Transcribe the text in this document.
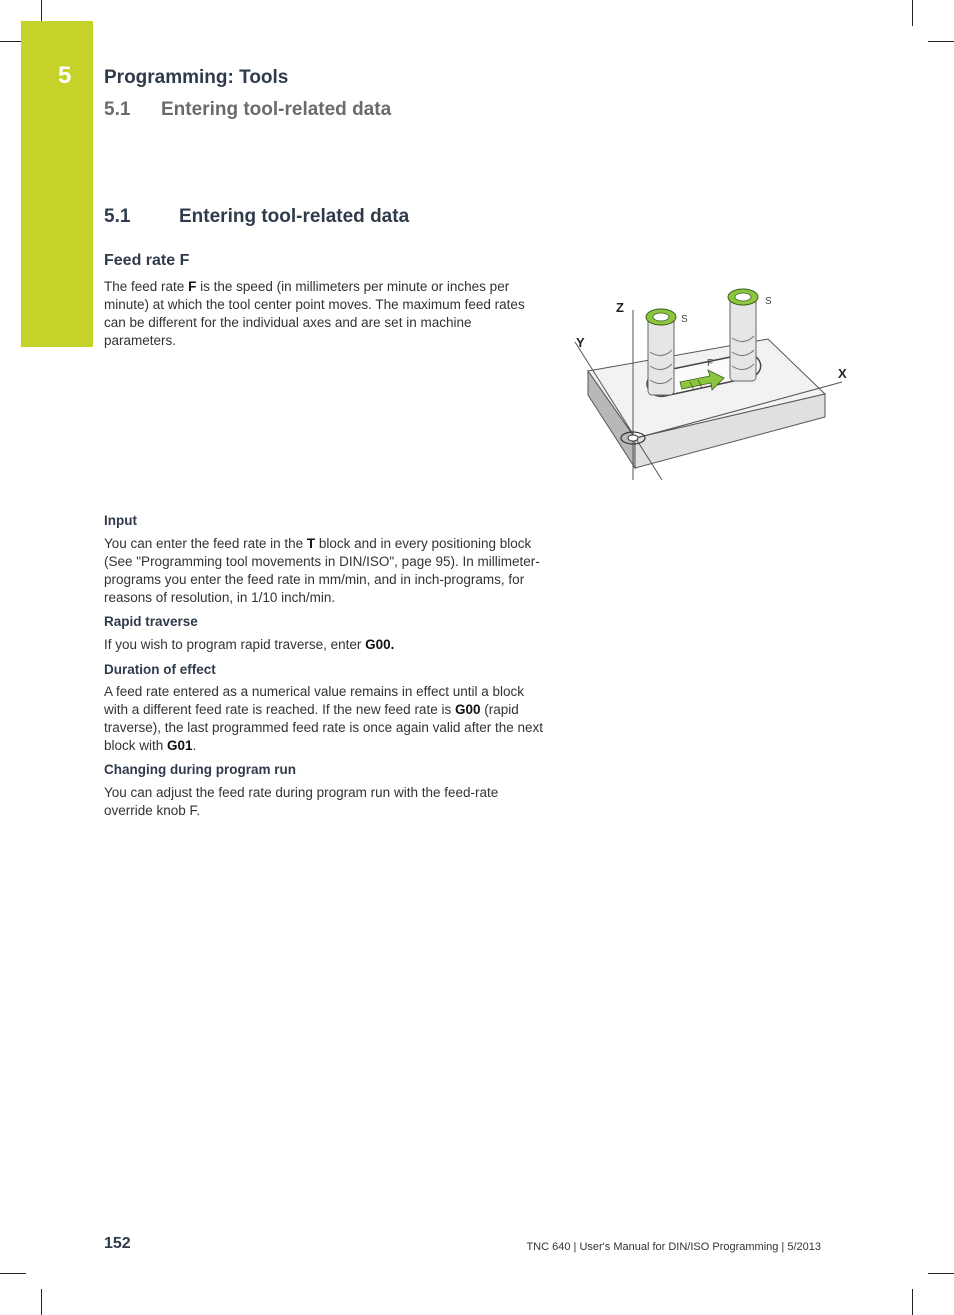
5 Programming: Tools
5.1 Entering tool-related data
5.1	Entering tool-related data
Feed rate F
The feed rate F is the speed (in millimeters per minute or inches per minute) at which the tool center point moves. The maximum feed rates can be different for the individual axes and are set in machine parameters.
Z
Y
X
S
S
F
Input
You can enter the feed rate in the T block and in every positioning block (See "Programming tool movements in DIN/ISO", page 95). In millimeter-programs you enter the feed rate in mm/min, and in inch-programs, for reasons of resolution, in 1/10 inch/min.
Rapid traverse
If you wish to program rapid traverse, enter G00.
Duration of effect
A feed rate entered as a numerical value remains in effect until a block with a different feed rate is reached. If the new feed rate is G00 (rapid traverse), the last programmed feed rate is once again valid after the next block with G01.
Changing during program run
You can adjust the feed rate during program run with the feed-rate override knob F.
152	TNC 640 | User's Manual for DIN/ISO Programming | 5/2013
